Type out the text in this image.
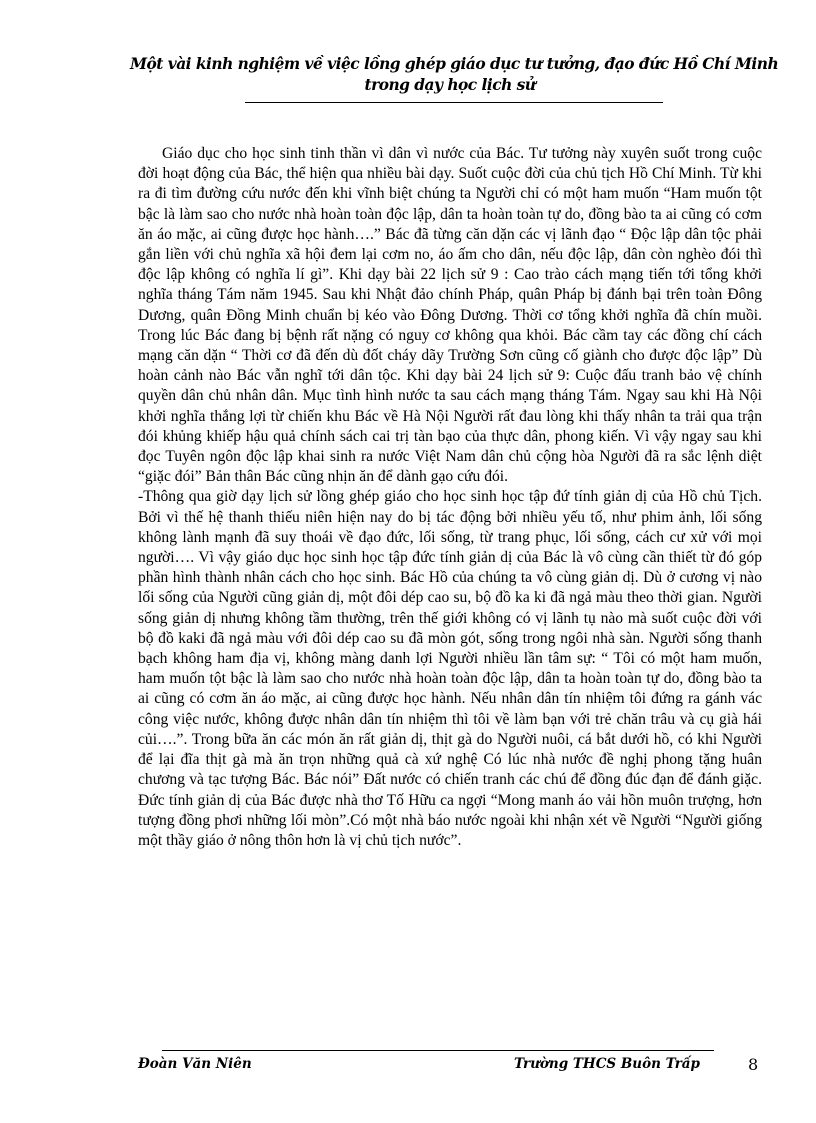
Một vài kinh nghiệm về việc lồng ghép giáo dục tư tưởng, đạo đức Hồ Chí Minh
trong dạy học lịch sử

Giáo dục cho học sinh tinh thần vì dân vì nước của Bác. Tư tưởng này xuyên suốt trong cuộc đời hoạt động của Bác, thể hiện qua nhiều bài dạy. Suốt cuộc đời của chủ tịch Hồ Chí Minh. Từ khi ra đi tìm đường cứu nước đến khi vĩnh biệt chúng ta Người chỉ có một ham muốn “Ham muốn tột bậc là làm sao cho nước nhà hoàn toàn độc lập, dân ta hoàn toàn tự do, đồng bào ta ai cũng có cơm ăn áo mặc, ai cũng được học hành….” Bác đã từng căn dặn các vị lãnh đạo “ Độc lập dân tộc phải gắn liền với chủ nghĩa xã hội đem lại cơm no, áo ấm cho dân, nếu độc lập, dân còn nghèo đói thì độc lập không có nghĩa lí gì”. Khi dạy bài 22 lịch sử 9 : Cao trào cách mạng tiến tới tổng khởi nghĩa tháng Tám năm 1945. Sau khi Nhật đảo chính Pháp, quân Pháp bị đánh bại trên toàn Đông Dương, quân Đồng Minh chuẩn bị kéo vào Đông Dương. Thời cơ tổng khởi nghĩa đã chín muồi. Trong lúc Bác đang bị bệnh rất nặng có nguy cơ không qua khỏi. Bác cầm tay các đồng chí cách mạng căn dặn “ Thời cơ đã đến dù đốt cháy dãy Trường Sơn cũng cố giành cho được độc lập” Dù hoàn cảnh nào Bác vẫn nghĩ tới dân tộc. Khi dạy bài 24 lịch sử 9: Cuộc đấu tranh bảo vệ chính quyền dân chủ nhân dân. Mục tình hình nước ta sau cách mạng tháng Tám. Ngay sau khi Hà Nội khởi nghĩa thắng lợi từ chiến khu Bác về Hà Nội Người rất đau lòng khi thấy nhân ta trải qua trận đói khủng khiếp hậu quả chính sách cai trị tàn bạo của thực dân, phong kiến. Vì vậy ngay sau khi đọc Tuyên ngôn độc lập khai sinh ra nước Việt Nam dân chủ cộng hòa Người đã ra sắc lệnh diệt “giặc đói” Bản thân Bác cũng nhịn ăn để dành gạo cứu đói.

-Thông qua giờ dạy lịch sử lồng ghép giáo cho học sinh học tập đứ tính giản dị của Hồ chủ Tịch. Bởi vì thế hệ thanh thiếu niên hiện nay do bị tác động bởi nhiều yếu tố, như phim ảnh, lối sống không lành mạnh đã suy thoái về đạo đức, lối sống, từ trang phục, lối sống, cách cư xử với mọi người…. Vì vậy giáo dục học sinh học tập đức tính giản dị của Bác là vô cùng cần thiết từ đó góp phần hình thành nhân cách cho học sinh. Bác Hồ của chúng ta vô cùng giản dị. Dù ở cương vị nào lối sống của Người cũng giản dị, một đôi dép cao su, bộ đồ ka ki đã ngả màu theo thời gian. Người sống giản dị nhưng không tầm thường, trên thế giới không có vị lãnh tụ nào mà suốt cuộc đời với bộ đồ kaki đã ngả màu với đôi dép cao su đã mòn gót, sống trong ngôi nhà sàn. Người sống thanh bạch không ham địa vị, không màng danh lợi Người nhiều lần tâm sự: “ Tôi có một ham muốn, ham muốn tột bậc là làm sao cho nước nhà hoàn toàn độc lập, dân ta hoàn toàn tự do, đồng bào ta ai cũng có cơm ăn áo mặc, ai cũng được học hành. Nếu nhân dân tín nhiệm tôi đứng ra gánh vác công việc nước, không được nhân dân tín nhiệm thì tôi về làm bạn với trẻ chăn trâu và cụ già hái củi….”. Trong bữa ăn các món ăn rất giản dị, thịt gà do Người nuôi, cá bắt dưới hồ, có khi Người để lại đĩa thịt gà mà ăn trọn những quả cà xứ nghệ Có lúc nhà nước đề nghị phong tặng huân chương và tạc tượng Bác. Bác nói” Đất nước có chiến tranh các chú để đồng đúc đạn để đánh giặc. Đức tính giản dị của Bác được nhà thơ Tố Hữu ca ngợi “Mong manh áo vải hồn muôn trượng, hơn tượng đồng phơi những lối mòn”.Có một nhà báo nước ngoài khi nhận xét về Người “Người giống một thầy giáo ở nông thôn hơn là vị chủ tịch nước”.

Đoàn Văn Niên	Trường THCS Buôn Trấp	8
